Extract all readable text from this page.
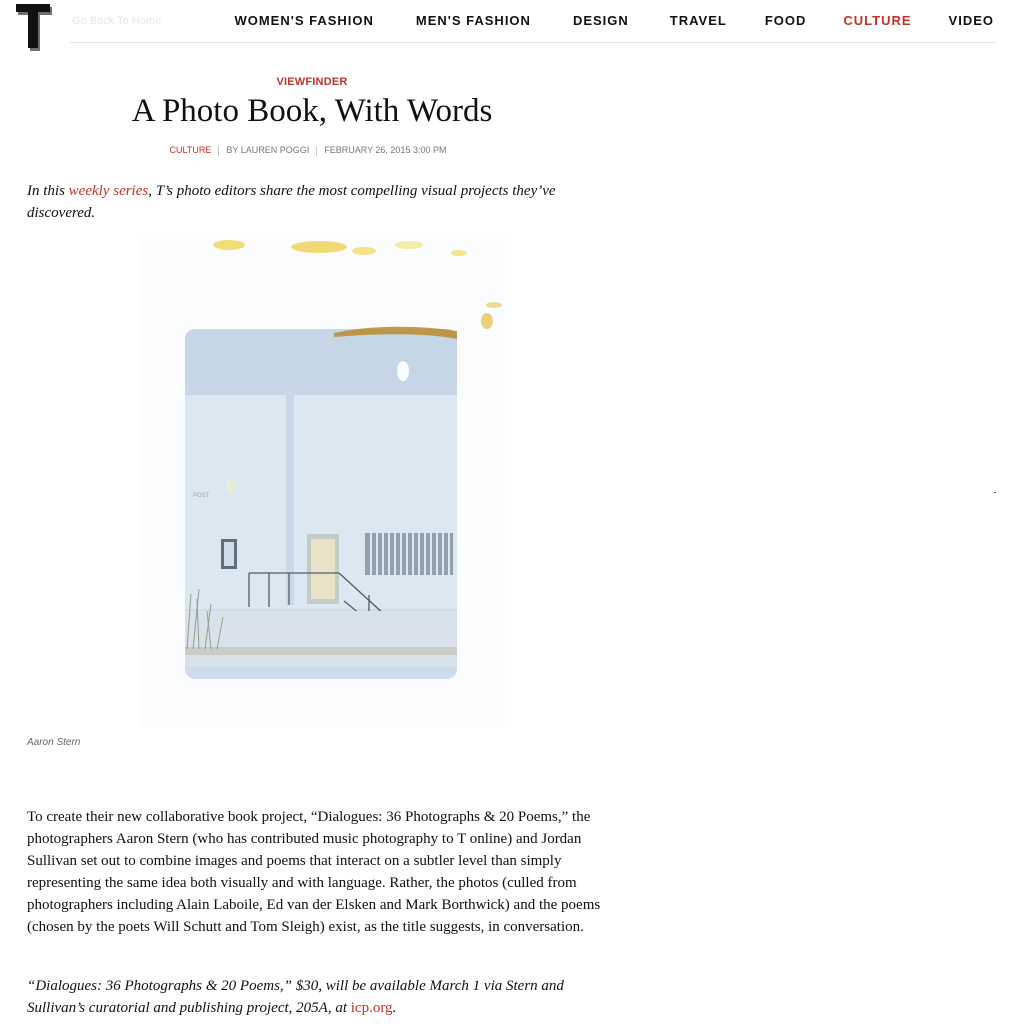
Go Back To Home	WOMEN'S FASHION	MEN'S FASHION	DESIGN	TRAVEL	FOOD	CULTURE	VIDEO
VIEWFINDER
A Photo Book, With Words
CULTURE BY LAUREN POGGI FEBRUARY 26, 2015 3:00 PM

In this weekly series, T’s photo editors share the most compelling visual projects they’ve discovered.

POST
Aaron Stern

To create their new collaborative book project, “Dialogues: 36 Photographs & 20 Poems,” the photographers Aaron Stern (who has contributed music photography to T online) and Jordan Sullivan set out to combine images and poems that interact on a subtler level than simply representing the same idea both visually and with language. Rather, the photos (culled from photographers including Alain Laboile, Ed van der Elsken and Mark Borthwick) and the poems (chosen by the poets Will Schutt and Tom Sleigh) exist, as the title suggests, in conversation.

“Dialogues: 36 Photographs & 20 Poems,” $30, will be available March 1 via Stern and Sullivan’s curatorial and publishing project, 205A, at icp.org.
